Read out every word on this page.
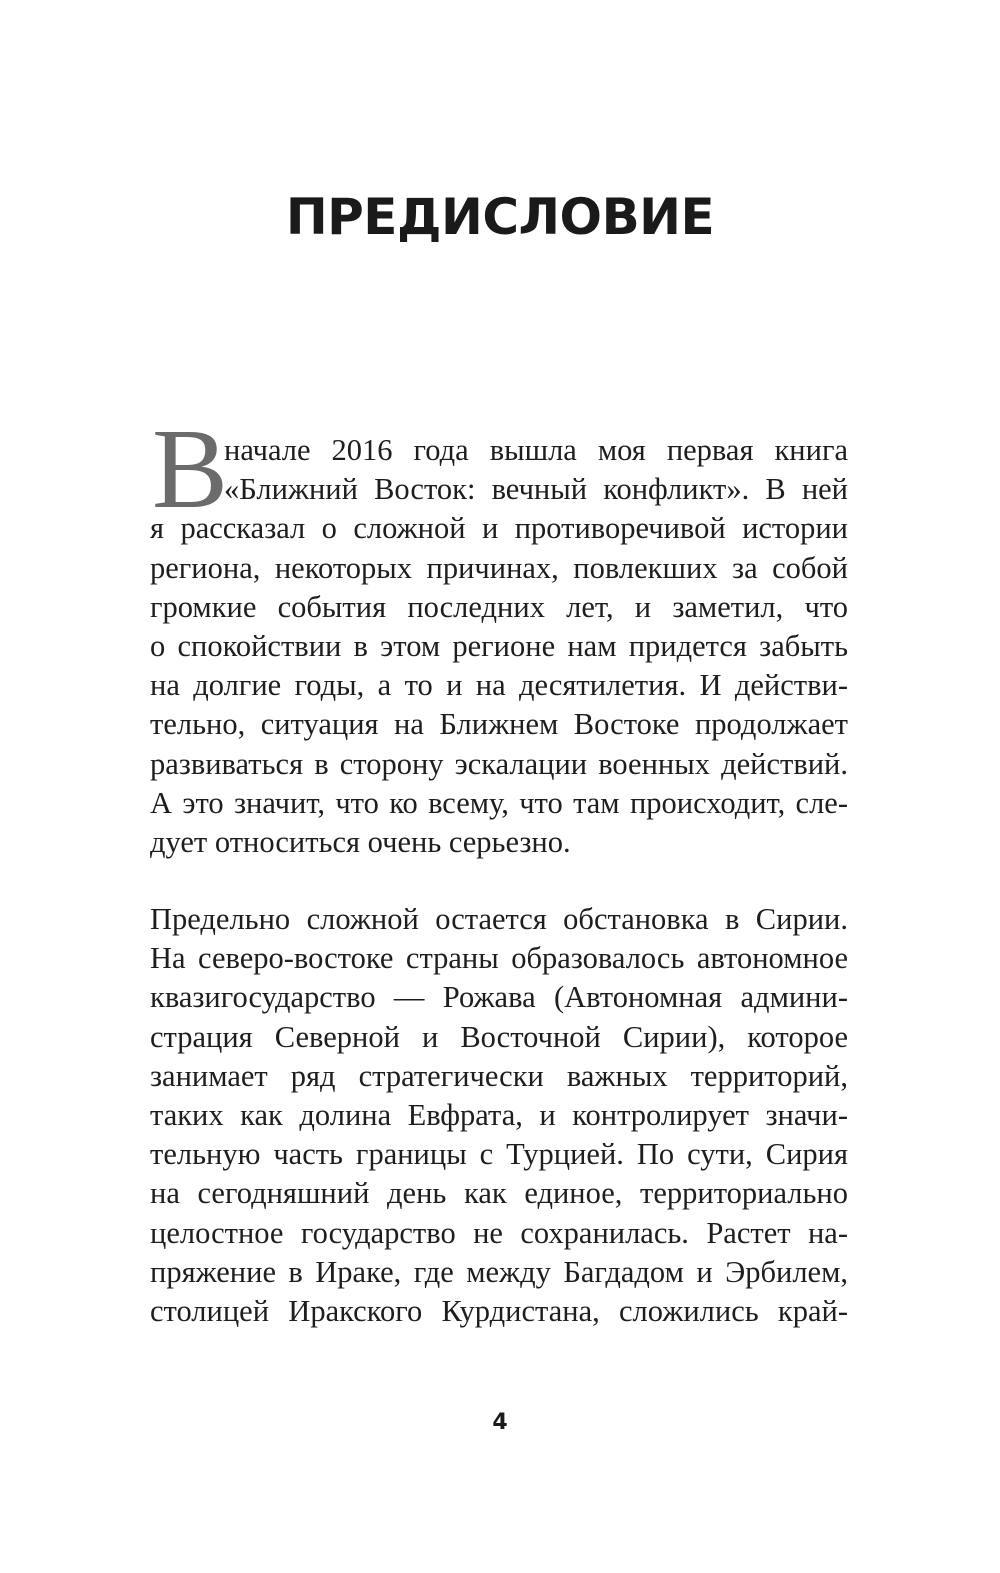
ПРЕДИСЛОВИЕ
В
начале 2016 года вышла моя первая книга
«Ближний Восток: вечный конфликт». В ней
я рассказал о сложной и противоречивой истории
региона, некоторых причинах, повлекших за собой
громкие события последних лет, и заметил, что
о спокойствии в этом регионе нам придется забыть
на долгие годы, а то и на десятилетия. И действи-
тельно, ситуация на Ближнем Востоке продолжает
развиваться в сторону эскалации военных действий.
А это значит, что ко всему, что там происходит, сле-
дует относиться очень серьезно.
Предельно сложной остается обстановка в Сирии.
На северо-востоке страны образовалось автономное
квазигосударство — Рожава (Автономная админи-
страция Северной и Восточной Сирии), которое
занимает ряд стратегически важных территорий,
таких как долина Евфрата, и контролирует значи-
тельную часть границы с Турцией. По сути, Сирия
на сегодняшний день как единое, территориально
целостное государство не сохранилась. Растет на-
пряжение в Ираке, где между Багдадом и Эрбилем,
столицей Иракского Курдистана, сложились край-
4
